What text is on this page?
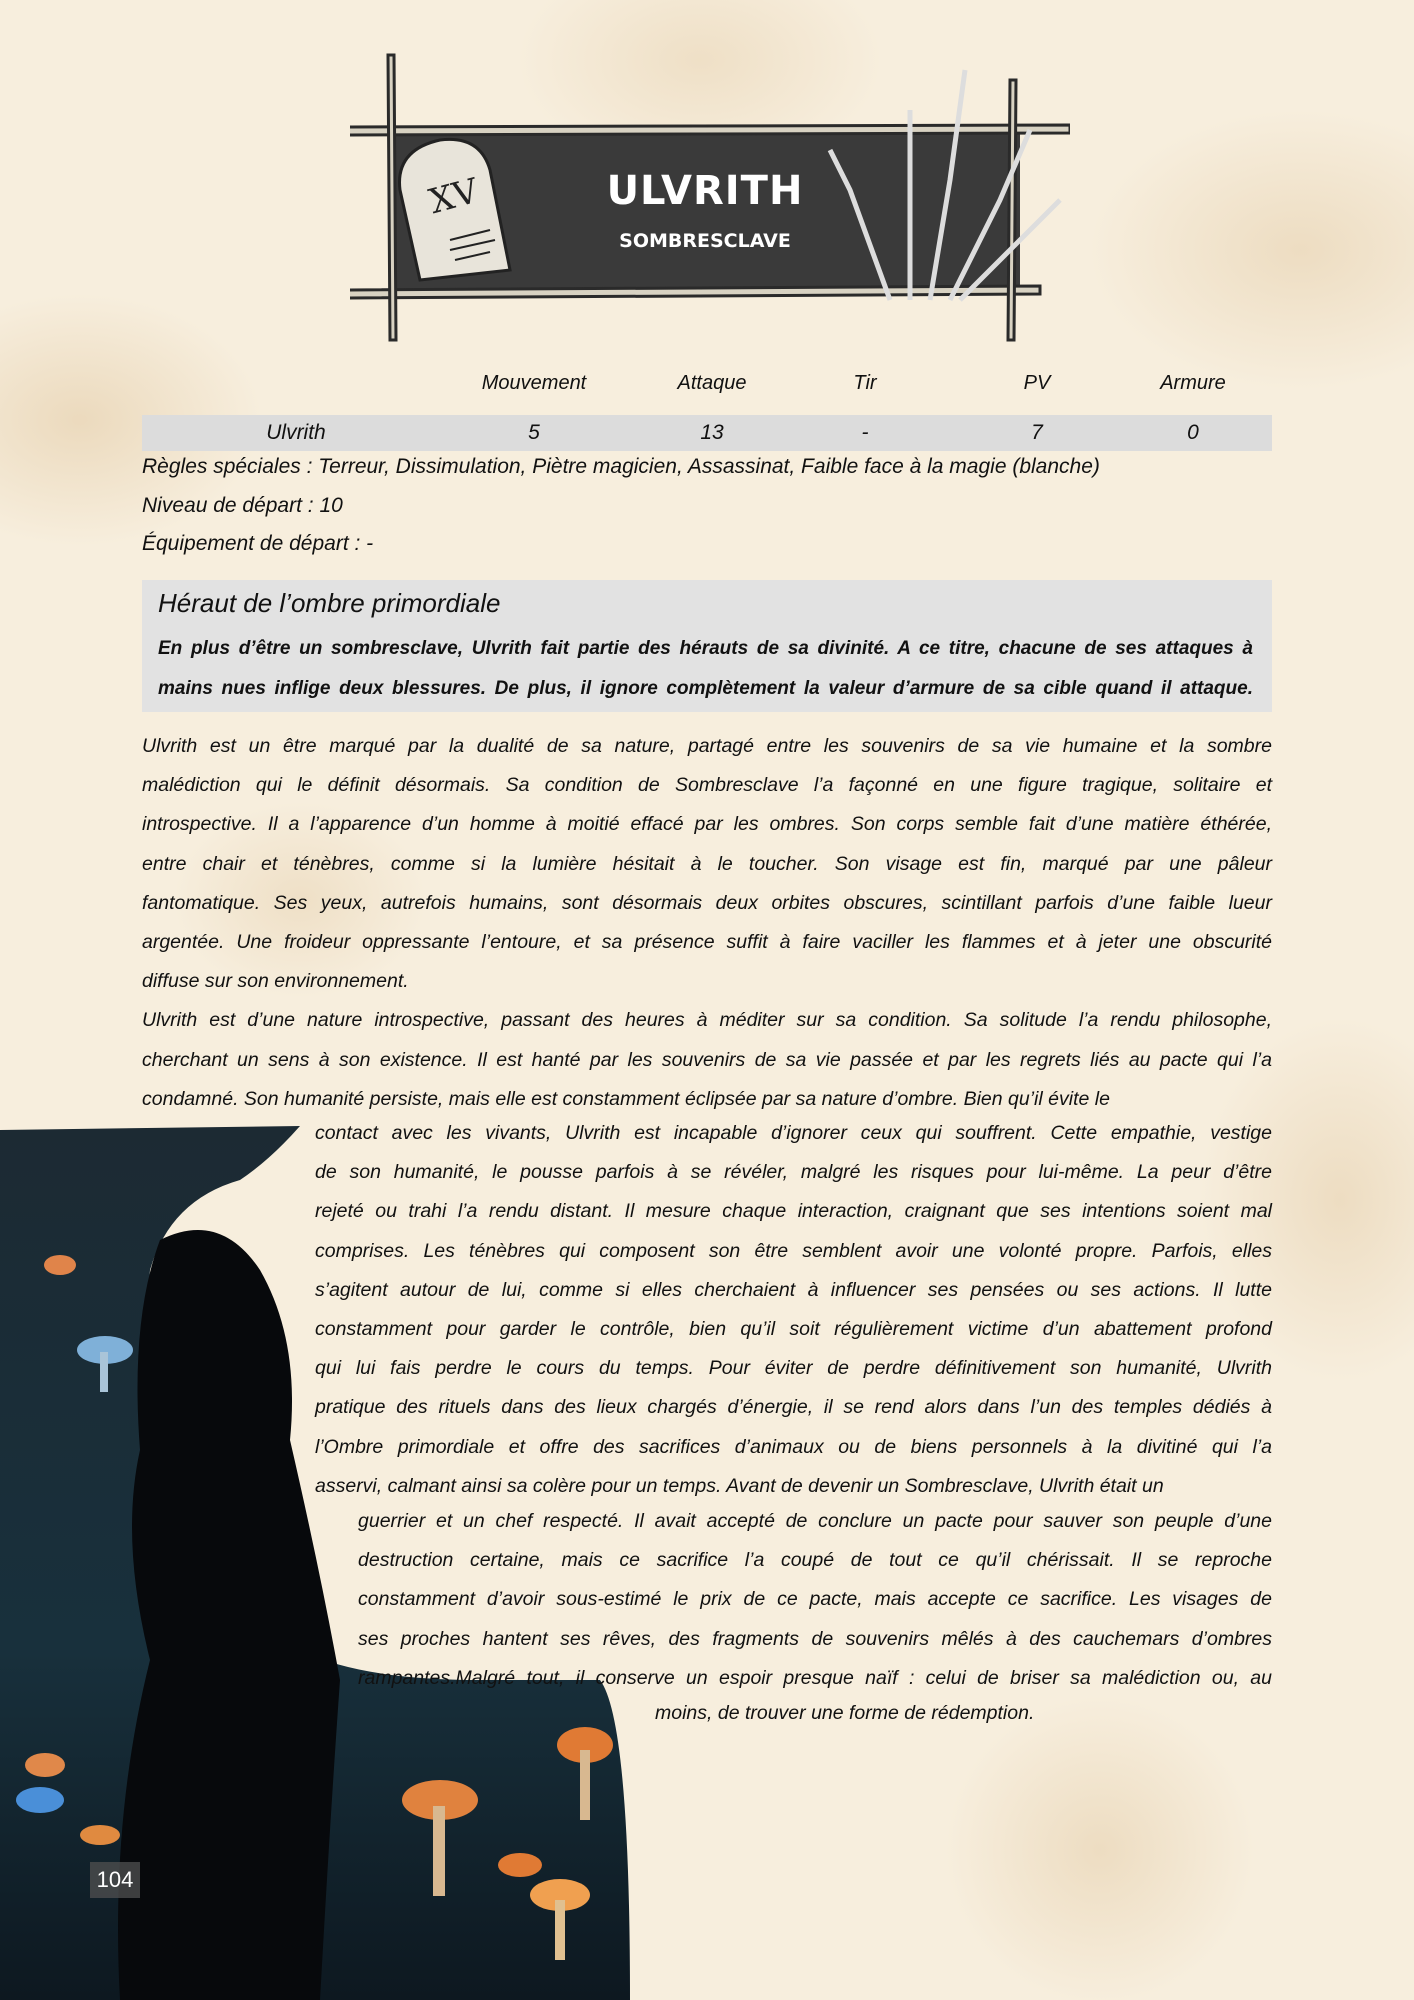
XV	ULVRITH
SOMBRESCLAVE
Mouvement	Attaque	Tir	PV	Armure
Ulvrith	5	13	-	7	0
Règles spéciales : Terreur, Dissimulation, Piètre magicien, Assassinat, Faible face à la magie (blanche)
Niveau de départ : 10
Équipement de départ : -
Héraut de l’ombre primordiale
En plus d’être un sombresclave, Ulvrith fait partie des hérauts de sa divinité. A ce titre, chacune de ses attaques à
mains nues inflige deux blessures. De plus, il ignore complètement la valeur d’armure de sa cible quand il attaque.
104
Ulvrith est un être marqué par la dualité de sa nature, partagé entre les souvenirs de sa vie humaine et la sombre
malédiction qui le définit désormais. Sa condition de Sombresclave l’a façonné en une figure tragique, solitaire et
introspective. Il a l’apparence d’un homme à moitié effacé par les ombres. Son corps semble fait d’une matière éthérée,
entre chair et ténèbres, comme si la lumière hésitait à le toucher. Son visage est fin, marqué par une pâleur
fantomatique. Ses yeux, autrefois humains, sont désormais deux orbites obscures, scintillant parfois d’une faible lueur
argentée. Une froideur oppressante l’entoure, et sa présence suffit à faire vaciller les flammes et à jeter une obscurité
diffuse sur son environnement.
Ulvrith est d’une nature introspective, passant des heures à méditer sur sa condition. Sa solitude l’a rendu philosophe,
cherchant un sens à son existence. Il est hanté par les souvenirs de sa vie passée et par les regrets liés au pacte qui l’a
condamné. Son humanité persiste, mais elle est constamment éclipsée par sa nature d’ombre. Bien qu’il évite le
contact avec les vivants, Ulvrith est incapable d’ignorer ceux qui souffrent. Cette empathie, vestige
de son humanité, le pousse parfois à se révéler, malgré les risques pour lui-même. La peur d’être
rejeté ou trahi l’a rendu distant. Il mesure chaque interaction, craignant que ses intentions soient mal
comprises. Les ténèbres qui composent son être semblent avoir une volonté propre. Parfois, elles
s’agitent autour de lui, comme si elles cherchaient à influencer ses pensées ou ses actions. Il lutte
constamment pour garder le contrôle, bien qu’il soit régulièrement victime d’un abattement profond
qui lui fais perdre le cours du temps. Pour éviter de perdre définitivement son humanité, Ulvrith
pratique des rituels dans des lieux chargés d’énergie, il se rend alors dans l’un des temples dédiés à
l’Ombre primordiale et offre des sacrifices d’animaux ou de biens personnels à la divitiné qui l’a
asservi, calmant ainsi sa colère pour un temps. Avant de devenir un Sombresclave, Ulvrith était un
guerrier et un chef respecté. Il avait accepté de conclure un pacte pour sauver son peuple d’une
destruction certaine, mais ce sacrifice l’a coupé de tout ce qu’il chérissait. Il se reproche
constamment d’avoir sous-estimé le prix de ce pacte, mais accepte ce sacrifice. Les visages de
ses proches hantent ses rêves, des fragments de souvenirs mêlés à des cauchemars d’ombres
rampantes.Malgré tout, il conserve un espoir presque naïf : celui de briser sa malédiction ou, au
moins, de trouver une forme de rédemption.
